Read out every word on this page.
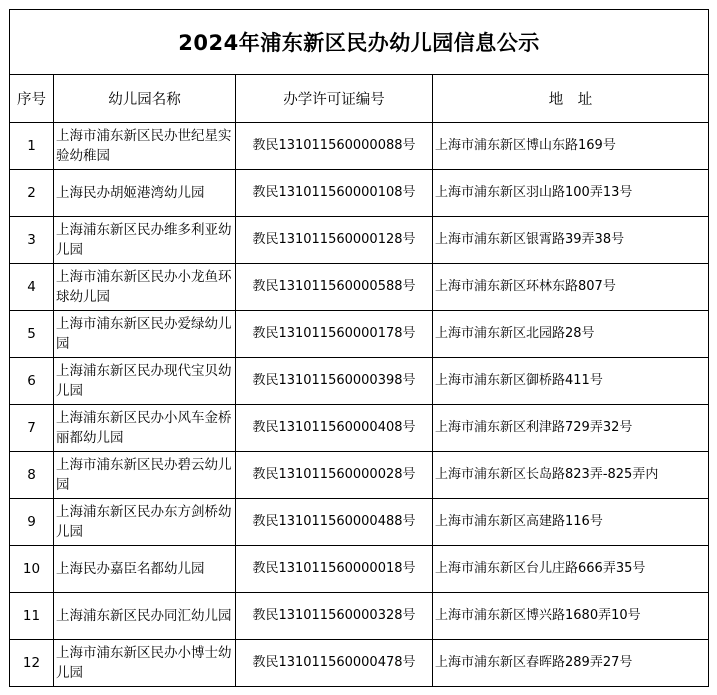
2024年浦东新区民办幼儿园信息公示			
序号	幼儿园名称	办学许可证编号	地　址
1	上海市浦东新区民办世纪星实验幼稚园	教民131011560000088号	上海市浦东新区博山东路169号
2	上海民办胡姬港湾幼儿园	教民131011560000108号	上海市浦东新区羽山路100弄13号
3	上海浦东新区民办维多利亚幼儿园	教民131011560000128号	上海市浦东新区银霄路39弄38号
4	上海市浦东新区民办小龙鱼环球幼儿园	教民131011560000588号	上海市浦东新区环林东路807号
5	上海市浦东新区民办爱绿幼儿园	教民131011560000178号	上海市浦东新区北园路28号
6	上海浦东新区民办现代宝贝幼儿园	教民131011560000398号	上海市浦东新区御桥路411号
7	上海浦东新区民办小风车金桥丽都幼儿园	教民131011560000408号	上海市浦东新区利津路729弄32号
8	上海市浦东新区民办碧云幼儿园	教民131011560000028号	上海市浦东新区长岛路823弄-825弄内
9	上海浦东新区民办东方剑桥幼儿园	教民131011560000488号	上海市浦东新区高建路116号
10	上海民办嘉臣名都幼儿园	教民131011560000018号	上海市浦东新区台儿庄路666弄35号
11	上海浦东新区民办同汇幼儿园	教民131011560000328号	上海市浦东新区博兴路1680弄10号
12	上海市浦东新区民办小博士幼儿园	教民131011560000478号	上海市浦东新区春晖路289弄27号
